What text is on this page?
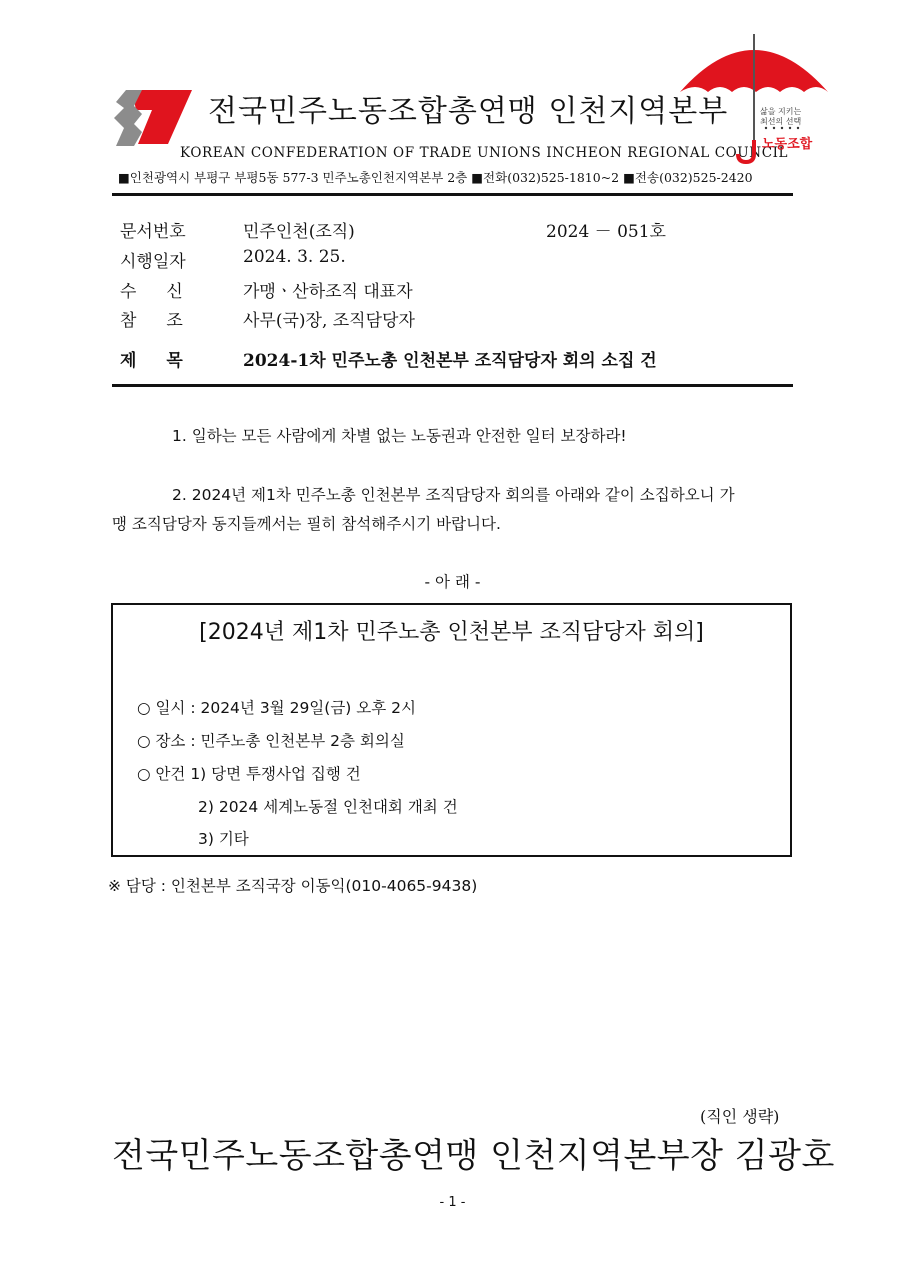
전국민주노동조합총연맹 인천지역본부
KOREAN CONFEDERATION OF TRADE UNIONS INCHEON REGIONAL COUNCIL
삶을 지키는
최선의 선택
노동조합
■인천광역시 부평구 부평5동 577-3 민주노총인천지역본부 2층 ■전화(032)525-1810~2 ■전송(032)525-2420
문서번호	민주인천(조직)	2024 － 051호
시행일자	2024. 3. 25.
수신 가맹ㆍ산하조직 대표자
참조 사무(국)장, 조직담당자
제목 2024-1차 민주노총 인천본부 조직담당자 회의 소집 건
1. 일하는 모든 사람에게 차별 없는 노동권과 안전한 일터 보장하라!
2. 2024년 제1차 민주노총 인천본부 조직담당자 회의를 아래와 같이 소집하오니 가
맹 조직담당자 동지들께서는 필히 참석해주시기 바랍니다.
- 아 래 -
[2024년 제1차 민주노총 인천본부 조직담당자 회의]
○ 일시 : 2024년 3월 29일(금) 오후 2시
○ 장소 : 민주노총 인천본부 2층 회의실
○ 안건 1) 당면 투쟁사업 집행 건
2) 2024 세계노동절 인천대회 개최 건
3) 기타
※ 담당 : 인천본부 조직국장 이동익(010-4065-9438)
(직인 생략)
전국민주노동조합총연맹 인천지역본부장 김광호
- 1 -
